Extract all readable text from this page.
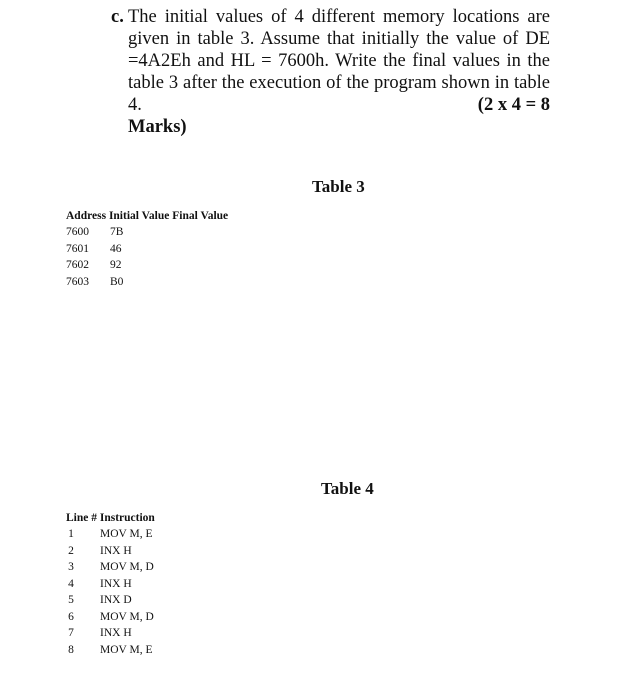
c. The initial values of 4 different memory locations are
given in table 3. Assume that initially the value of DE
=4A2Eh and HL = 7600h. Write the final values in the
table 3 after the execution of the program shown in table
4.	(2 x 4 = 8
Marks)
Table 3
Address Initial Value Final Value
7600 7B
7601 46
7602 92
7603 B0
Table 4
Line # Instruction
1 MOV M, E
2 INX H
3 MOV M, D
4 INX H
5 INX D
6 MOV M, D
7 INX H
8 MOV M, E
